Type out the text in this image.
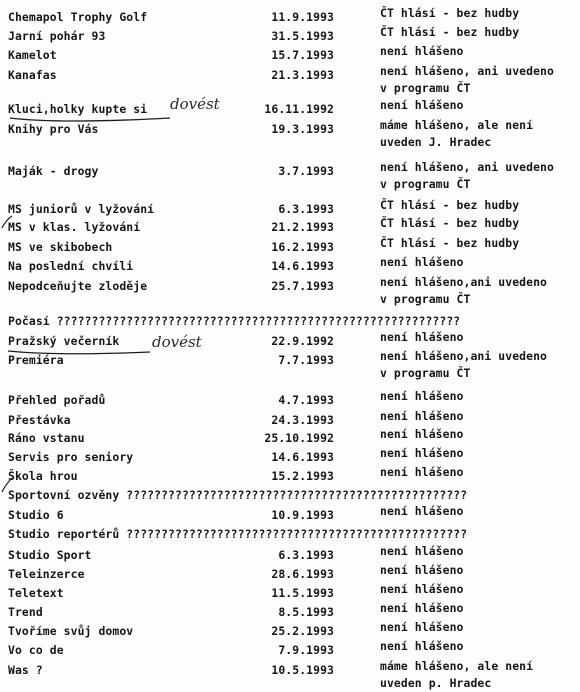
Chemapol Trophy Golf	11.9.1993	ČT hlásí - bez hudby
Jarní pohár 93	31.5.1993	ČT hlásí - bez hudby
Kamelot	15.7.1993	není hlášeno
Kanafas	21.3.1993	není hlášeno, ani uvedeno
v programu ČT
Kluci,holky kupte si	16.11.1992	není hlášeno
Knihy pro Vás	19.3.1993	máme hlášeno, ale není
uveden J. Hradec
Maják - drogy	3.7.1993	není hlášeno, ani uvedeno
v programu ČT
MS juniorů v lyžování	6.3.1993	ČT hlásí - bez hudby
MS v klas. lyžování	21.2.1993	ČT hlásí - bez hudby
MS ve skibobech	16.2.1993	ČT hlásí - bez hudby
Na poslední chvíli	14.6.1993	není hlášeno
Nepodceňujte zloděje	25.7.1993	není hlášeno,ani uvedeno
v programu ČT
Počasí ??????????????????????????????????????????????????????????
Pražský večerník	22.9.1992	není hlášeno
Premiéra	7.7.1993	není hlášeno,ani uvedeno
v programu ČT
Přehled pořadů	4.7.1993	není hlášeno
Přestávka	24.3.1993	není hlášeno
Ráno vstanu	25.10.1992	není hlášeno
Servis pro seniory	14.6.1993	není hlášeno
Škola hrou	15.2.1993	není hlášeno
Sportovní ozvěny ?????????????????????????????????????????????????
Studio 6	10.9.1993	není hlášeno
Studio reportérů ?????????????????????????????????????????????????
Studio Sport	6.3.1993	není hlášeno
Teleinzerce	28.6.1993	není hlášeno
Teletext	11.5.1993	není hlášeno
Trend	8.5.1993	není hlášeno
Tvoříme svůj domov	25.2.1993	není hlášeno
Vo co de	7.9.1993	není hlášeno
Was ?	10.5.1993	máme hlášeno, ale není
uveden p. Hradec
dovést
dovést
